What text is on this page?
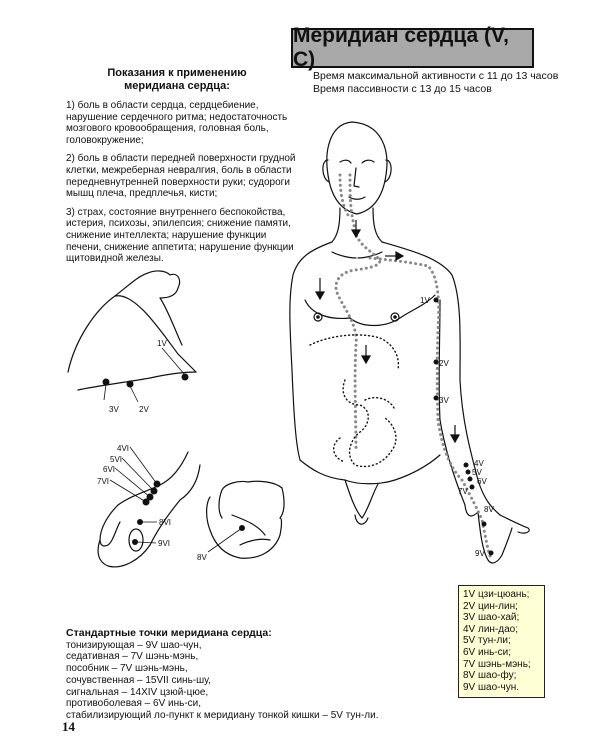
Меридиан сердца (V, C)
Время максимальной активности с 11 до 13 часов
Время пассивности с 13 до 15 часов
Показания к применению
меридиана сердца:

1) боль в области сердца, сердцебиение, нарушение сердечного ритма; недостаточность мозгового кровообращения, головная боль, головокружение;

2) боль в области передней поверхности грудной клетки, межреберная невралгия, боль в области передневнутренней поверхности руки; судороги мышц плеча, предплечья, кисти;

3) страх, состояние внутреннего беспокойства, истерия, психозы, эпилепсия; снижение памяти, снижение интеллекта; нарушение функции печени, снижение аппетита; нарушение функции щитовидной железы.

1V
2V
3V
4VI
5VI
6VI
7VI
8VI
9VI
8V
1V
2V
3V
4V
5V
6V
7V
8V
9V
1V цзи-цюань;
2V цин-лин;
3V шао-хай;
4V лин-дао;
5V тун-ли;
6V инь-си;
7V шэнь-мэнь;
8V шао-фу;
9V шао-чун.
Стандартные точки меридиана сердца:
тонизирующая – 9V шао-чун,
седативная – 7V шэнь-мэнь,
пособник – 7V шэнь-мэнь,
сочувственная – 15VII синь-шу,
сигнальная – 14XIV цзюй-цюе,
противоболевая – 6V инь-си,
стабилизирующий ло-пункт к меридиану тонкой кишки – 5V тун-ли.
14
